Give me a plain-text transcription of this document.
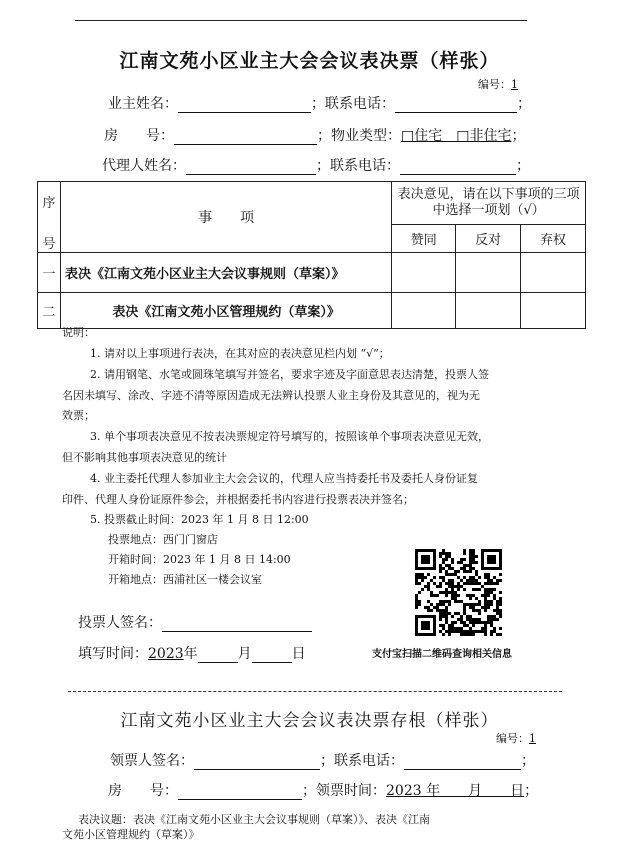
江南文苑小区业主大会会议表决票（样张）
编号：1
业主姓名：	；联系电话：	；
房　　号：	；物业类型：□住宅　□非住宅；
代理人姓名：	；联系电话：	；
序
号	事　　项	表决意见，请在以下事项的三项中选择一项划（√）		
		赞同	反对	弃权
一	表决《江南文苑小区业主大会议事规则（草案）》			
二	表决《江南文苑小区管理规约（草案）》			
说明：
1. 请对以上事项进行表决，在其对应的表决意见栏内划 “√”；
2. 请用钢笔、水笔或圆珠笔填写并签名，要求字迹及字面意思表达清楚，投票人签
名因未填写、涂改、字迹不清等原因造成无法辨认投票人业主身份及其意见的，视为无
效票；
3. 单个事项表决意见不按表决票规定符号填写的，按照该单个事项表决意见无效，
但不影响其他事项表决意见的统计
4. 业主委托代理人参加业主大会会议的，代理人应当持委托书及委托人身份证复
印件、代理人身份证原件参会，并根据委托书内容进行投票表决并签名；
5. 投票截止时间：2023 年 1 月 8 日 12:00
投票地点：西门门窗店
开箱时间：2023 年 1 月 8 日 14:00
开箱地点：西浦社区一楼会议室
支付宝扫描二维码查询相关信息
投票人签名：
填写时间：2023年	月	日
江南文苑小区业主大会会议表决票存根（样张）
编号：1
领票人签名：	；联系电话：	；
房　　号：	；领票时间：2023 年　　月　　日；
表决议题：表决《江南文苑小区业主大会议事规则（草案）》、表决《江南
文苑小区管理规约（草案）》
